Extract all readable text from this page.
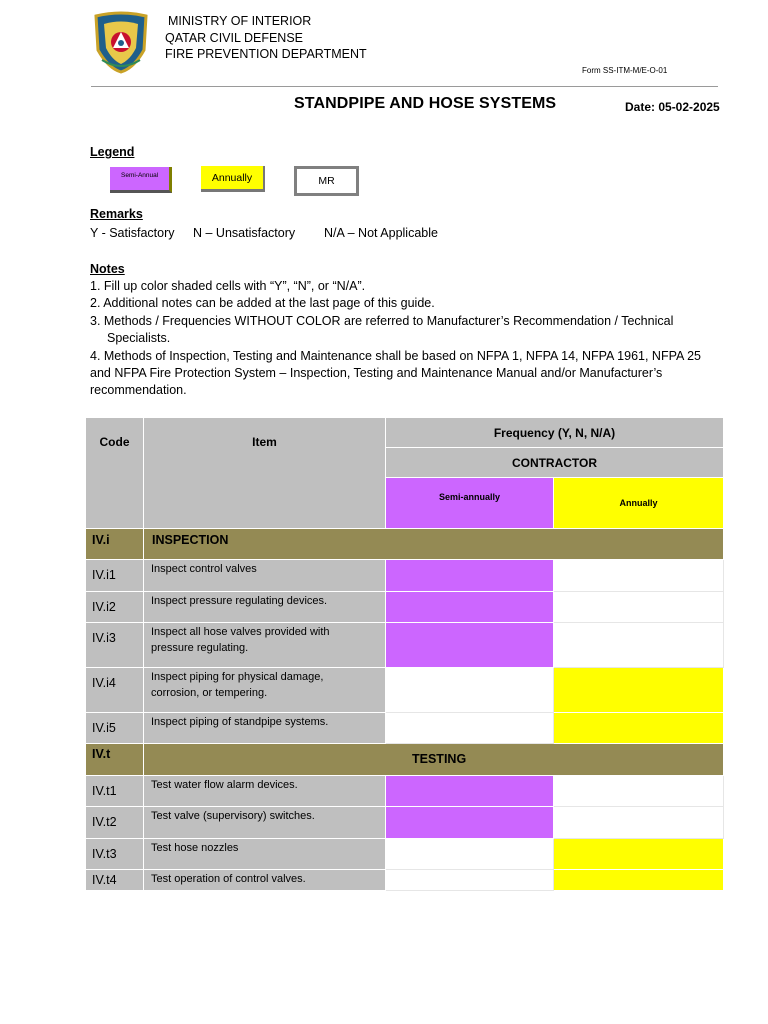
MINISTRY OF INTERIOR
QATAR CIVIL DEFENSE
FIRE PREVENTION DEPARTMENT
Form SS-ITM-M/E-O-01
STANDPIPE AND HOSE SYSTEMS	Date: 05-02-2025
Legend
Semi-Annual	Annually	MR
Remarks
Y - Satisfactory N – Unsatisfactory N/A – Not Applicable
Notes
1. Fill up color shaded cells with “Y”, “N”, or “N/A”.
2. Additional notes can be added at the last page of this guide.
3. Methods / Frequencies WITHOUT COLOR are referred to Manufacturer’s Recommendation / Technical
Specialists.
4. Methods of Inspection, Testing and Maintenance shall be based on NFPA 1, NFPA 14, NFPA 1961, NFPA 25
and NFPA Fire Protection System – Inspection, Testing and Maintenance Manual and/or Manufacturer’s
recommendation.
Code	Item
Frequency (Y, N, N/A)
CONTRACTOR
Semi-annually
Annually
IV.i	INSPECTION
IV.i1	Inspect control valves
IV.i2	Inspect pressure regulating devices.
IV.i3	Inspect all hose valves provided with
pressure regulating.
IV.i4	Inspect piping for physical damage,
corrosion, or tempering.
IV.i5	Inspect piping of standpipe systems.
IV.t	TESTING
IV.t1	Test water flow alarm devices.
IV.t2	Test valve (supervisory) switches.
IV.t3	Test hose nozzles
IV.t4	Test operation of control valves.
